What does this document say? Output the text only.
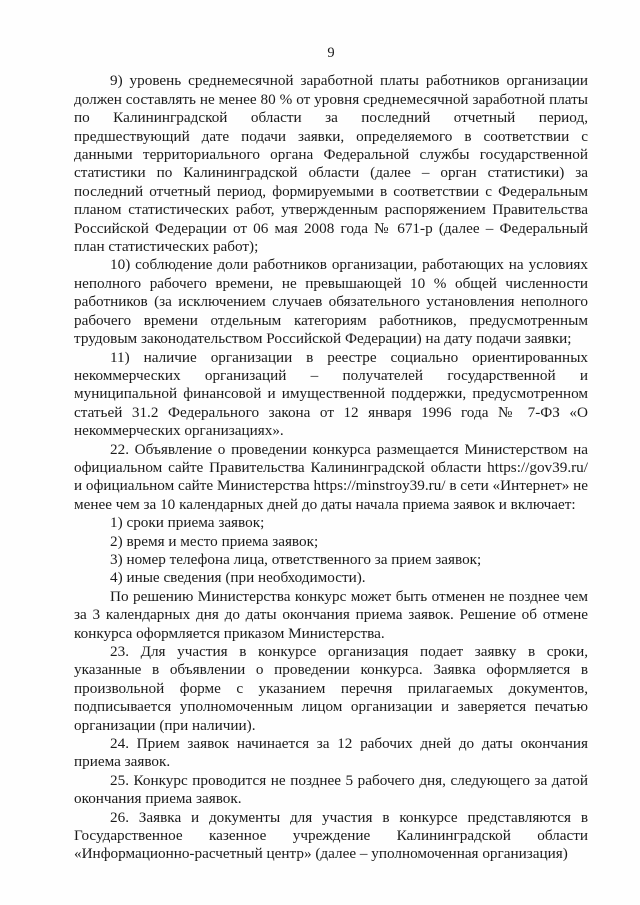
9

9) уровень среднемесячной заработной платы работников организации должен составлять не менее 80 % от уровня среднемесячной заработной платы по Калининградской области за последний отчетный период, предшествующий дате подачи заявки, определяемого в соответствии с данными территориального органа Федеральной службы государственной статистики по Калининградской области (далее – орган статистики) за последний отчетный период, формируемыми в соответствии с Федеральным планом статистических работ, утвержденным распоряжением Правительства Российской Федерации от 06 мая 2008 года № 671-р (далее – Федеральный план статистических работ);

10) соблюдение доли работников организации, работающих на условиях неполного рабочего времени, не превышающей 10 % общей численности работников (за исключением случаев обязательного установления неполного рабочего времени отдельным категориям работников, предусмотренным трудовым законодательством Российской Федерации) на дату подачи заявки;

11) наличие организации в реестре социально ориентированных некоммерческих организаций – получателей государственной и муниципальной финансовой и имущественной поддержки, предусмотренном статьей 31.2 Федерального закона от 12 января 1996 года № 7-ФЗ «О некоммерческих организациях».

22. Объявление о проведении конкурса размещается Министерством на официальном сайте Правительства Калининградской области https://gov39.ru/ и официальном сайте Министерства https://minstroy39.ru/ в сети «Интернет» не менее чем за 10 календарных дней до даты начала приема заявок и включает:

1) сроки приема заявок;

2) время и место приема заявок;

3) номер телефона лица, ответственного за прием заявок;

4) иные сведения (при необходимости).

По решению Министерства конкурс может быть отменен не позднее чем за 3 календарных дня до даты окончания приема заявок. Решение об отмене конкурса оформляется приказом Министерства.

23. Для участия в конкурсе организация подает заявку в сроки, указанные в объявлении о проведении конкурса. Заявка оформляется в произвольной форме с указанием перечня прилагаемых документов, подписывается уполномоченным лицом организации и заверяется печатью организации (при наличии).

24. Прием заявок начинается за 12 рабочих дней до даты окончания приема заявок.

25. Конкурс проводится не позднее 5 рабочего дня, следующего за датой окончания приема заявок.

26. Заявка и документы для участия в конкурсе представляются в Государственное казенное учреждение Калининградской области «Информационно-расчетный центр» (далее – уполномоченная организация)
